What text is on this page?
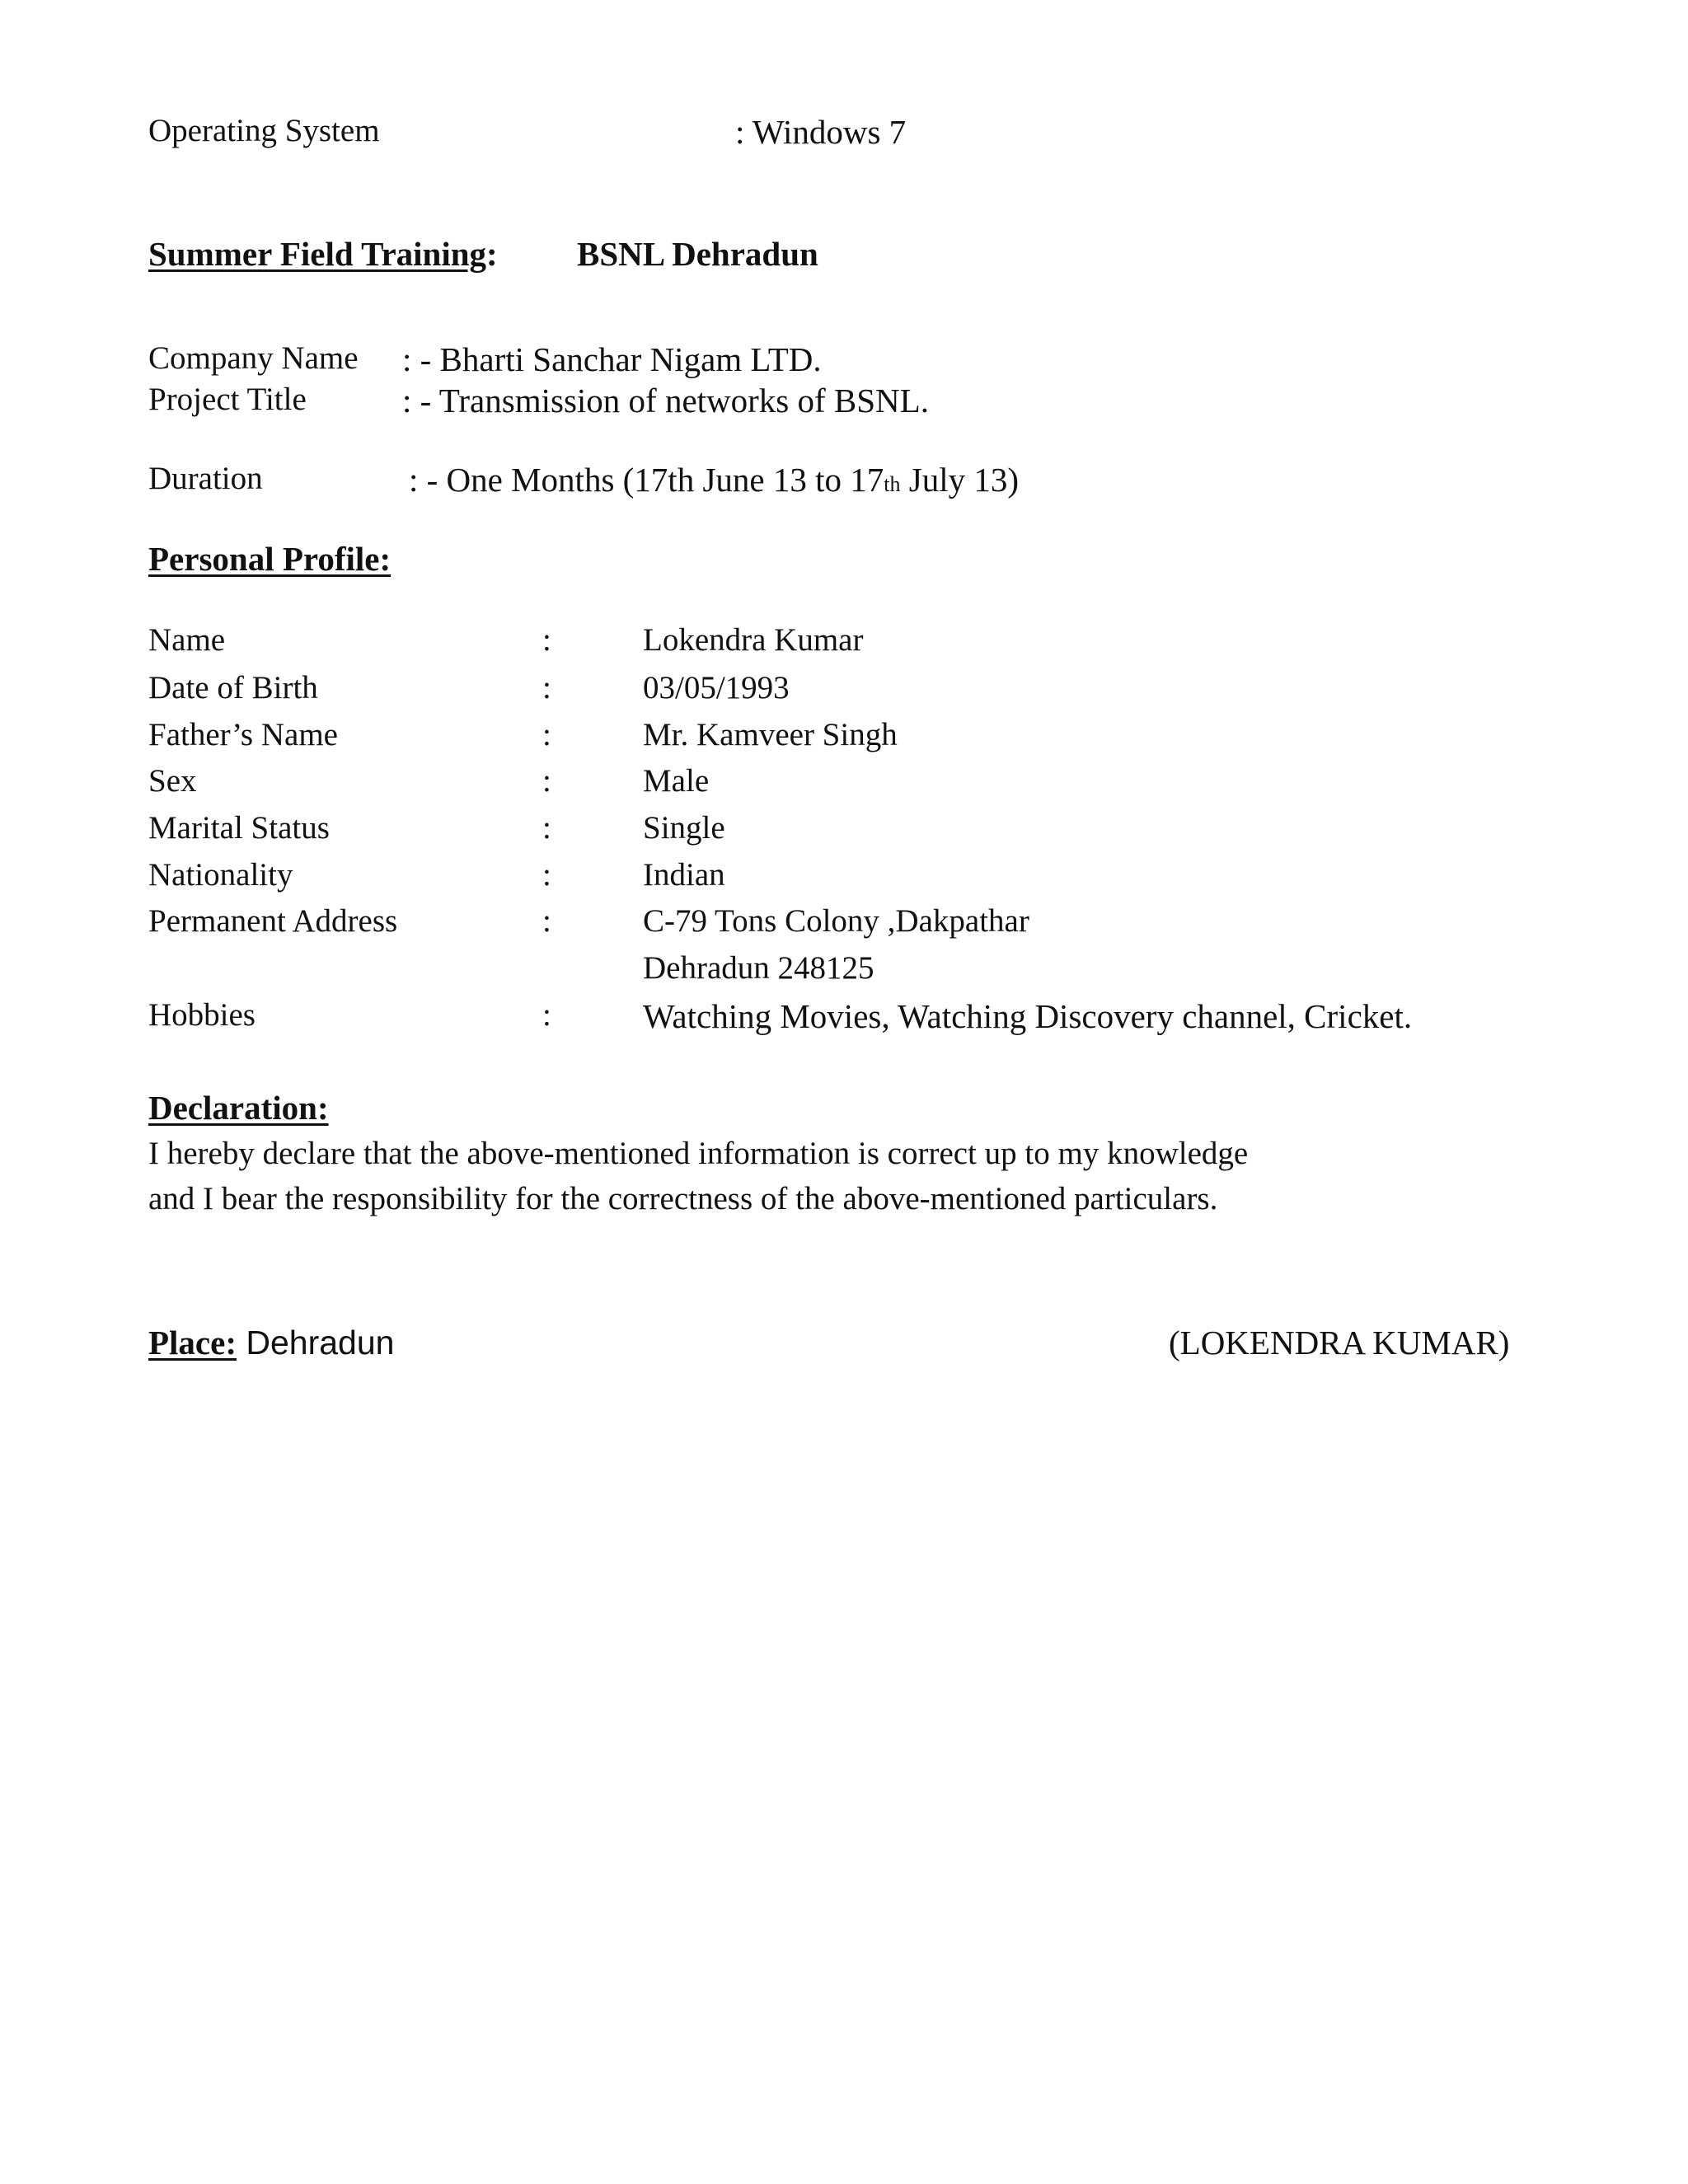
Operating System	: Windows 7
Summer Field Training: BSNL Dehradun
Company Name : - Bharti Sanchar Nigam LTD.
Project Title	: - Transmission of networks of BSNL.
Duration	: - One Months (17th June 13 to 17th July 13)
Personal Profile:
Name	:	Lokendra Kumar
Date of Birth	:	03/05/1993
Father’s Name	:	Mr. Kamveer Singh
Sex	:	Male
Marital Status	:	Single
Nationality	:	Indian
Permanent Address	:	C-79 Tons Colony ,Dakpathar
Dehradun 248125
Hobbies	:	Watching Movies, Watching Discovery channel, Cricket.
Declaration:
I hereby declare that the above-mentioned information is correct up to my knowledge
and I bear the responsibility for the correctness of the above-mentioned particulars.
Place: Dehradun	(LOKENDRA KUMAR)
